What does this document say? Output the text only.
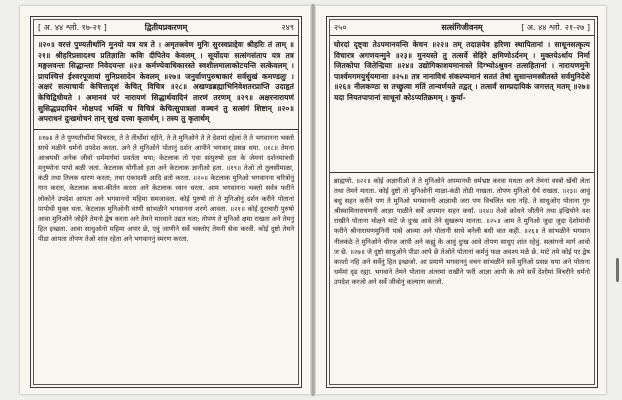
[ अ. ४४ श्लो. १७-२१ ]	द्वितीयप्रकरणम्	२४९
॥२०॥ वरत्तं पुण्यतीर्थानि मुनयो यत्र यत्र ते । अमृतस्रवेण मुनिः सुरस्वप्नाद्देवः श्रीहरिः तं ताम् ॥२१॥ श्रीहरिप्रसादश्च प्रतिज्ञातिः कविः दीपितेय केवलम् । सूर्योदयः सत्संगसंताप यत्र तत्र मङ्गलवन्तः सिद्धान्ताः निवेदयन्तः ॥२॥ कर्मण्येवाधिकारस्ते स्वशीलमालाकोटयन्ति सत्केवलम् । प्रायश्चित्तं ईश्वरपूजायां मुनिप्रसादेन केवलम् ॥२७॥ जनुर्वाणपुरुषाकारं सर्वसुखं कमण्डलुः । अक्षरं सत्याचार्यः केचित्तादृशं केचित् विचित्र ॥२८॥ अखण्डब्रह्माभिनिवेशतरप्राप्ति उदाहृतं केचिद्विधीयते । अमानवं परं नारायणं सिद्धार्थवादिनं तारणं तरणम् ॥२९॥ अक्षरनारायणं सुसिद्धप्रदायिनं मोक्षपदं भक्तिं च विचित्रं केचित्सुपात्रतां वञ्चनं तु सत्संगं शिष्टान् ॥२०॥ अपराधनं दुःखमोचनं तान् सुखं दत्त्वा कृतार्थम् । तस्य तु कृतार्थम्
॥१७॥ ते ते पुण्यतीर्थोमां विचरता, ते ते तीर्थोमां रहीने, ते ते मुनिओने ते ते देशमां रहेलां ते ते भगवानना भक्तो साथे मळीने धर्मनो उपदेश करता. अने ते मुनिओने पोतानुं दर्शन आपीने भगवान् प्रसन्न थया. ॥१८॥ तेमना आश्रयथी अनेक जीवो धर्ममार्गमां प्रवर्तता थया; केटलाक तो एवा सत्पुरुषो हता के जेमनां दर्शनमात्रथी मनुष्योनां पापो बळी जतां. केटलाक योगीओ हता अने केटलाक ज्ञानीओ हता. ॥१९॥ तेओ तो तुलसीमाळा, कंठी तथा तिलक धारण करता; तथा एकादशी आदि व्रतो करता. ॥२०॥ केटलाक मुनिओ भगवानना चरित्रोनुं गान करता, केटलाक कथा-कीर्तन करता अने केटलाक ध्यान धरता. आम भगवानना भक्तो सर्वत्र फरीने लोकोने उपदेश आपता अने भगवाननो महिमा समजावता. कोई पुरुषो तो ते मुनिओनुं दर्शन करीने पोतानां पापोथी मुक्त थता. केटलाक मुनिओनी वाणी सांभळीने भगवानना शरणे आवता. ॥२१॥ कोई दुराचारी पुरुषो आवा मुनिओने जोईने तेमनो द्वेष करता अने तेमने मारवाने उद्यत थता; तोपण ते मुनिओ क्षमा राखता अने तेमनुं हित इच्छता. आवा साधुओनो महिमा अपार छे, एवुं जाणीने सर्वे भक्तोए तेमनी सेवा करवी. कोई दुष्टो तेमने पीडा आपता तोपण तेओ शांत रहेता अने भगवाननुं स्मरण करता.
२५०	सत्संगिजीवनम्	[ अ. ४४ श्लो. २१-२७ ]
घोरदां दृष्ट्वा तेऽपमानयन्ति केचन ॥२२॥ तम् तदाज्ञयेव हरिणा स्थापितानां । साधूनसत्कृत्य विचारत्र अगणयन्मुने ॥२३॥ मुनयस्ते तु तत्सर्वे सेहिरे क्षमिणोऽर्दनम् । मुक्तयेऽर्थाय निर्मा जितकोपा जितेन्द्रियाः ॥२४॥ उद्योगिकाशयमानास्ते दिग्भ्योऽश्रुवन तत्सहितानां । नारायणमुनेः पार्श्वमगमयुर्धृयमानाः ॥२५॥ तत्र नानाविधं संकल्प्यमानं सततं तेषां सुसान्तमस्त्रीतस्ते सर्वमुनिदेशे ॥२६॥ नीलकण्ठः स तच्छ्रुत्वा मतिं तान्वर्णयते तद्वत् । तत्सर्वं साम्प्रदायिकं जगत्तत् मतम् ॥२७॥ यदा नियतपापानां साधूनां कोऽप्यतिक्रमम् । कुर्या-
ब्राह्मणो. ॥२२॥ कोई अज्ञानीओ ते ते मुनिओने अपमानथी धर्मभ्रष्ट करवा मथता अने तेमनां वस्त्रो खेंची लेता तथा तेमने मारता. कोई दुष्टो तो मुनिओनी माळा-कंठी तोडी नाखता. तोपण मुनिओ धैर्य राखता. ॥२३॥ आवुं बधुं सहन करीने पण ते मुनिओ भगवाननी आज्ञाथी जरा पण विचलित थता नहि. ते साधुओए पोताना गुरु श्रीस्वामिनारायणनी आज्ञा पाळीने सर्वे अपमान सहन कर्यां. ॥२४॥ तेओ क्रोधने जीतीने तथा इन्द्रियोने वश राखीने पोताना मोक्षने माटे जे दुःख आवे तेने सुखरूप मानता. ॥२५॥ आम ते मुनिओ जुदा जुदा देशोमांथी फरीने श्रीनारायणमुनिनी पासे आव्या अने पोतानी साथे बनेली बधी वात कही. ॥२६॥ ते सांभळीने भगवान नीलकंठे ते मुनिओने धीरज आपी अने कह्युं के आवुं दुःख आवे तोपण साधुए शांत रहेवुं. सत्संगनो मार्ग आवो ज छे. ॥२७॥ जे दुष्टो साधुओने पीडा आपे छे तेओने पोतानां कर्मनुं फळ अवश्य मळे छे. माटे तमे कोई पर द्वेष करशो नहि अने सर्वेनुं हित इच्छजो. आ प्रमाणे भगवाननुं वचन सांभळीने सर्वे मुनिओ प्रसन्न थया अने पोताना धर्ममां दृढ रह्या. भगवाने तेमने पोताना अंतरमां राखीने फरी आज्ञा आपी के तमे सर्वे देशोमां विचरीने धर्मनो उपदेश करजो अने सर्वे जीवोनुं कल्याण करजो.
